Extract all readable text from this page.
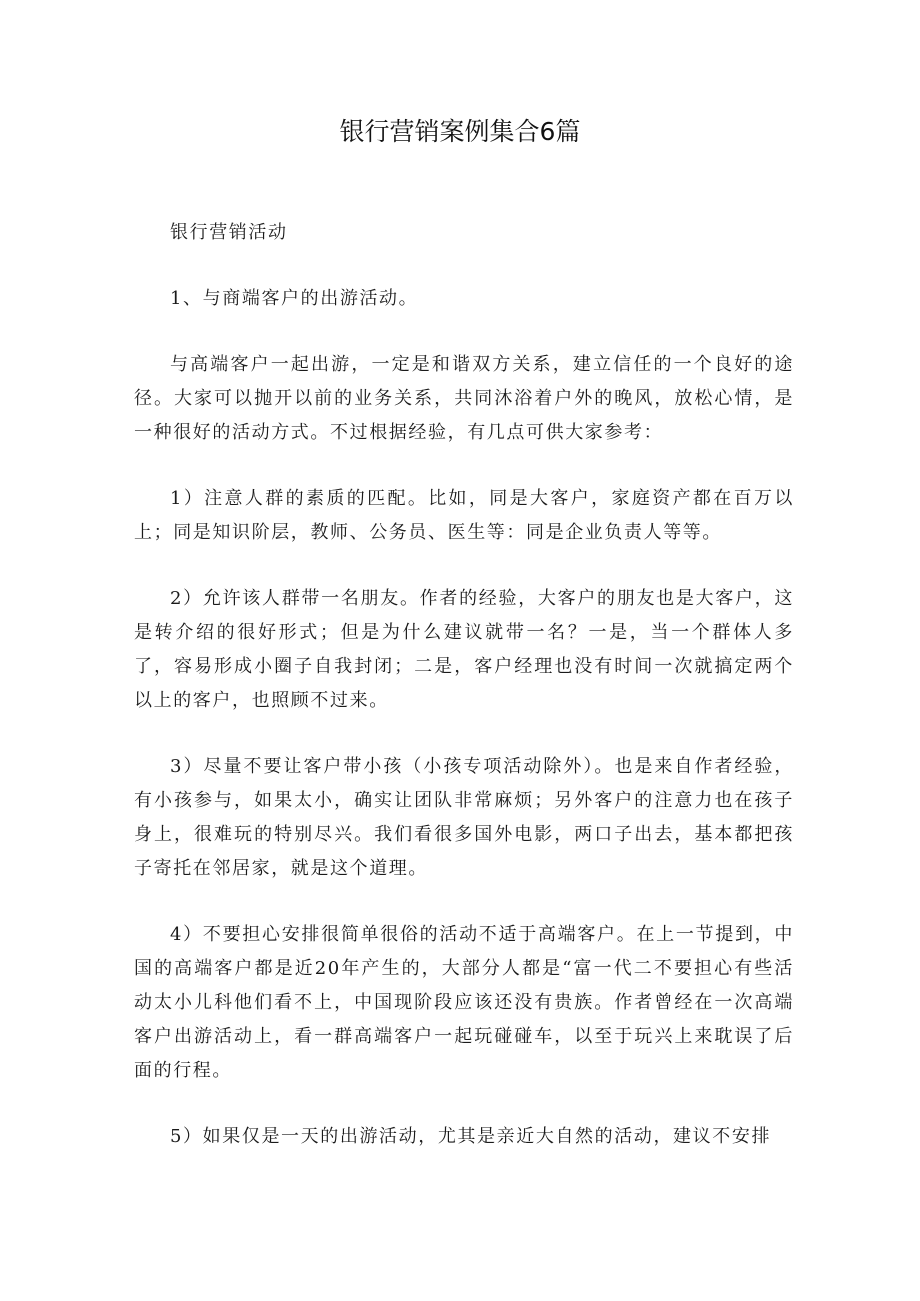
银行营销案例集合6篇

银行营销活动

1、与商端客户的出游活动。

与高端客户一起出游，一定是和谐双方关系，建立信任的一个良好的途径。大家可以抛开以前的业务关系，共同沐浴着户外的晚风，放松心情，是一种很好的活动方式。不过根据经验，有几点可供大家参考：

1）注意人群的素质的匹配。比如，同是大客户，家庭资产都在百万以上；同是知识阶层，教师、公务员、医生等：同是企业负责人等等。

2）允许该人群带一名朋友。作者的经验，大客户的朋友也是大客户，这是转介绍的很好形式；但是为什么建议就带一名？一是，当一个群体人多了，容易形成小圈子自我封闭；二是，客户经理也没有时间一次就搞定两个以上的客户，也照顾不过来。

3）尽量不要让客户带小孩（小孩专项活动除外）。也是来自作者经验，有小孩参与，如果太小，确实让团队非常麻烦；另外客户的注意力也在孩子身上，很难玩的特别尽兴。我们看很多国外电影，两口子出去，基本都把孩子寄托在邻居家，就是这个道理。

4）不要担心安排很简单很俗的活动不适于高端客户。在上一节提到，中国的高端客户都是近20年产生的，大部分人都是“富一代二不要担心有些活动太小儿科他们看不上，中国现阶段应该还没有贵族。作者曾经在一次高端客户出游活动上，看一群高端客户一起玩碰碰车，以至于玩兴上来耽误了后面的行程。

5）如果仅是一天的出游活动，尤其是亲近大自然的活动，建议不安排
